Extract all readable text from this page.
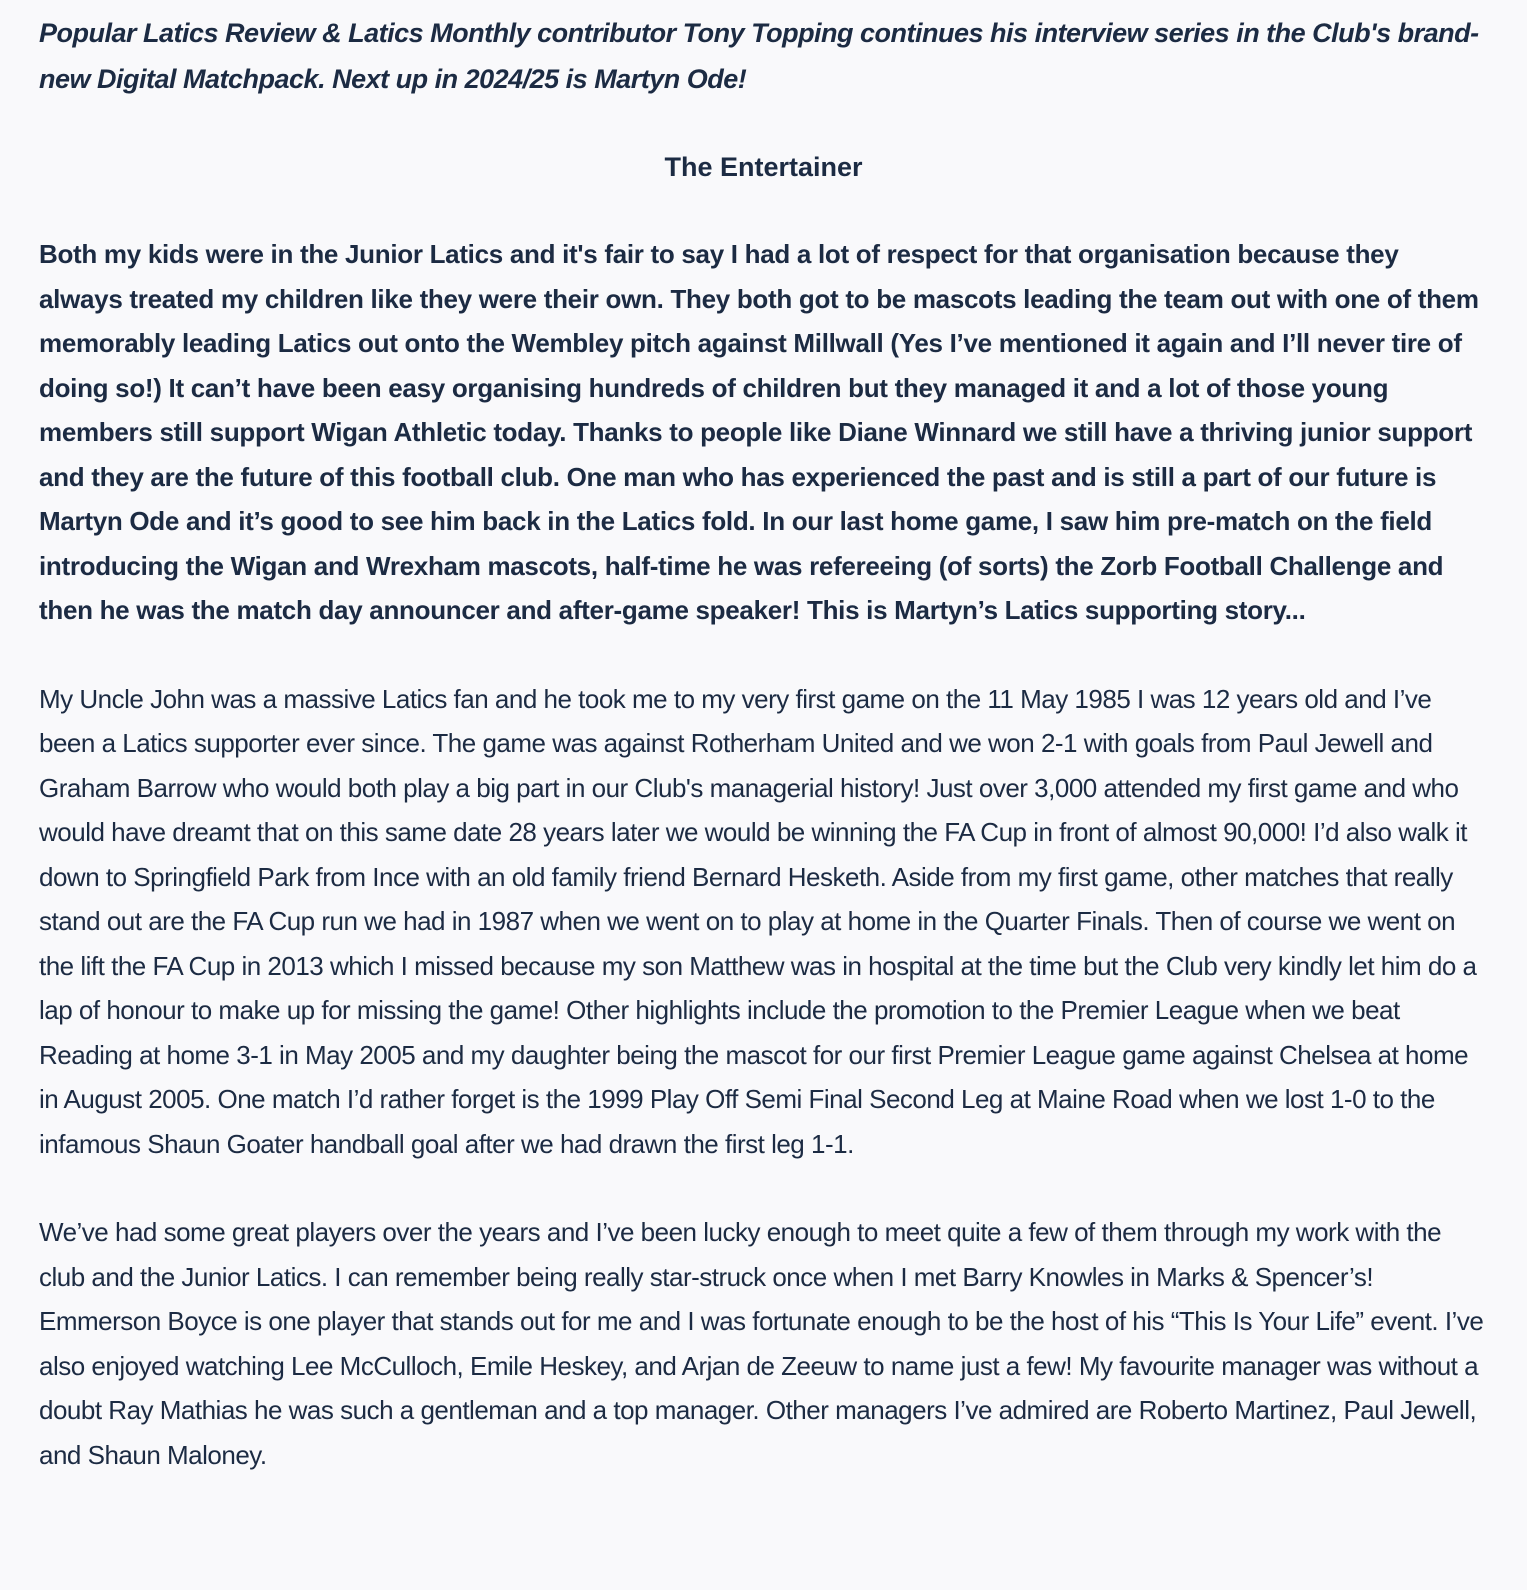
Popular Latics Review & Latics Monthly contributor Tony Topping continues his interview series in the Club's brand-new Digital Matchpack. Next up in 2024/25 is Martyn Ode!

The Entertainer

Both my kids were in the Junior Latics and it's fair to say I had a lot of respect for that organisation because they always treated my children like they were their own. They both got to be mascots leading the team out with one of them memorably leading Latics out onto the Wembley pitch against Millwall (Yes I’ve mentioned it again and I’ll never tire of doing so!) It can’t have been easy organising hundreds of children but they managed it and a lot of those young members still support Wigan Athletic today. Thanks to people like Diane Winnard we still have a thriving junior support and they are the future of this football club. One man who has experienced the past and is still a part of our future is Martyn Ode and it’s good to see him back in the Latics fold. In our last home game, I saw him pre-match on the field introducing the Wigan and Wrexham mascots, half-time he was refereeing (of sorts) the Zorb Football Challenge and then he was the match day announcer and after-game speaker! This is Martyn’s Latics supporting story...

My Uncle John was a massive Latics fan and he took me to my very first game on the 11 May 1985 I was 12 years old and I’ve been a Latics supporter ever since. The game was against Rotherham United and we won 2-1 with goals from Paul Jewell and Graham Barrow who would both play a big part in our Club's managerial history! Just over 3,000 attended my first game and who would have dreamt that on this same date 28 years later we would be winning the FA Cup in front of almost 90,000! I’d also walk it down to Springfield Park from Ince with an old family friend Bernard Hesketh. Aside from my first game, other matches that really stand out are the FA Cup run we had in 1987 when we went on to play at home in the Quarter Finals. Then of course we went on the lift the FA Cup in 2013 which I missed because my son Matthew was in hospital at the time but the Club very kindly let him do a lap of honour to make up for missing the game! Other highlights include the promotion to the Premier League when we beat Reading at home 3-1 in May 2005 and my daughter being the mascot for our first Premier League game against Chelsea at home in August 2005. One match I’d rather forget is the 1999 Play Off Semi Final Second Leg at Maine Road when we lost 1-0 to the infamous Shaun Goater handball goal after we had drawn the first leg 1-1.

We’ve had some great players over the years and I’ve been lucky enough to meet quite a few of them through my work with the club and the Junior Latics. I can remember being really star-struck once when I met Barry Knowles in Marks & Spencer’s! Emmerson Boyce is one player that stands out for me and I was fortunate enough to be the host of his “This Is Your Life” event. I’ve also enjoyed watching Lee McCulloch, Emile Heskey, and Arjan de Zeeuw to name just a few! My favourite manager was without a doubt Ray Mathias he was such a gentleman and a top manager. Other managers I’ve admired are Roberto Martinez, Paul Jewell, and Shaun Maloney.
